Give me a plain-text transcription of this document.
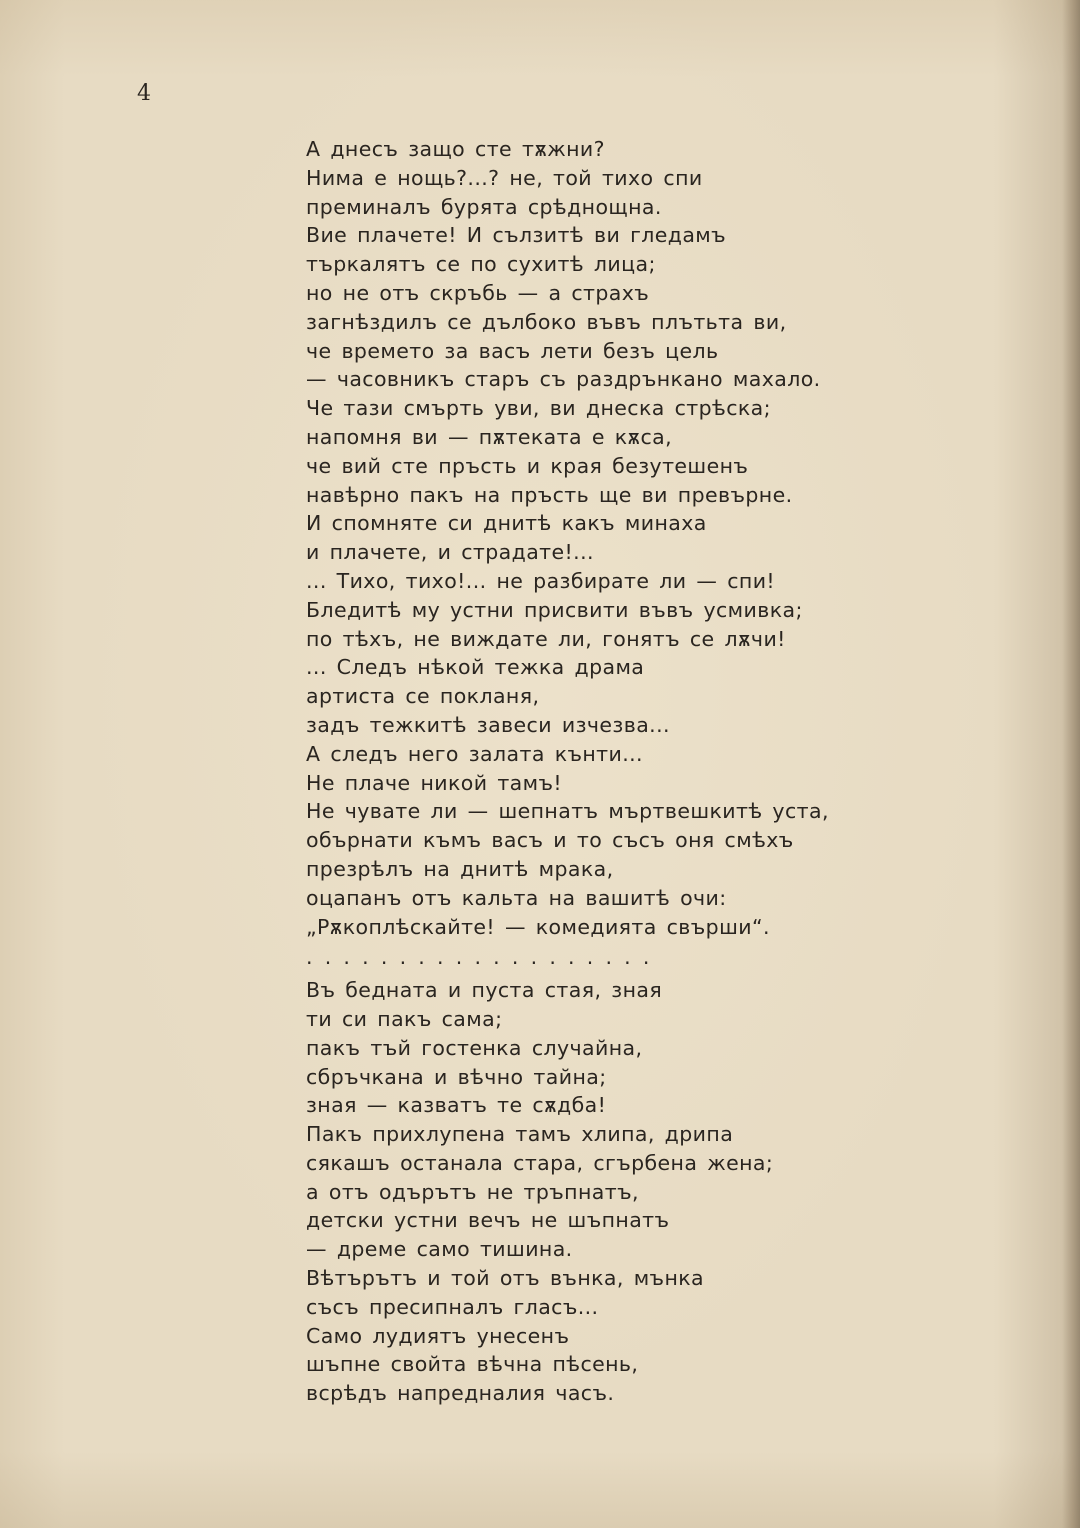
4

А днесъ защо сте тѫжни?
Нима е нощь?...? не, той тихо спи
преминалъ бурята срѣднощна.
Вие плачете! И сълзитѣ ви гледамъ
търкалятъ се по сухитѣ лица;
но не отъ скръбь — а страхъ
загнѣздилъ се дълбоко въвъ плътьта ви,
че времето за васъ лети безъ цель
— часовникъ старъ съ раздрънкано махало.
Че тази смърть уви, ви днеска стрѣска;
напомня ви — пѫтеката е кѫса,
че вий сте пръсть и края безутешенъ
навѣрно пакъ на пръсть ще ви превърне.
И спомняте си днитѣ какъ минаха
и плачете, и страдате!...
... Тихо, тихо!... не разбирате ли — спи!
Бледитѣ му устни присвити въвъ усмивка;
по тѣхъ, не виждате ли, гонятъ се лѫчи!
... Следъ нѣкой тежка драма
артиста се покланя,
задъ тежкитѣ завеси изчезва...
А следъ него залата кънти...
Не плаче никой тамъ!
Не чувате ли — шепнатъ мъртвешкитѣ уста,
обърнати къмъ васъ и то съсъ оня смѣхъ
презрѣлъ на днитѣ мрака,
оцапанъ отъ кальта на вашитѣ очи:
„Рѫкоплѣскайте! — комедията свърши“.
...................
Въ бедната и пуста стая, зная
ти си пакъ сама;
пакъ тъй гостенка случайна,
сбръчкана и вѣчно тайна;
зная — казватъ те сѫдба!
Пакъ прихлупена тамъ хлипа, дрипа
сякашъ останала стара, сгърбена жена;
а отъ одърътъ не тръпнатъ,
детски устни вечъ не шъпнатъ
— дреме само тишина.
Вѣтърътъ и той отъ вънка, мънка
съсъ пресипналъ гласъ...
Само лудиятъ унесенъ
шъпне свойта вѣчна пѣсень,
всрѣдъ напредналия часъ.
